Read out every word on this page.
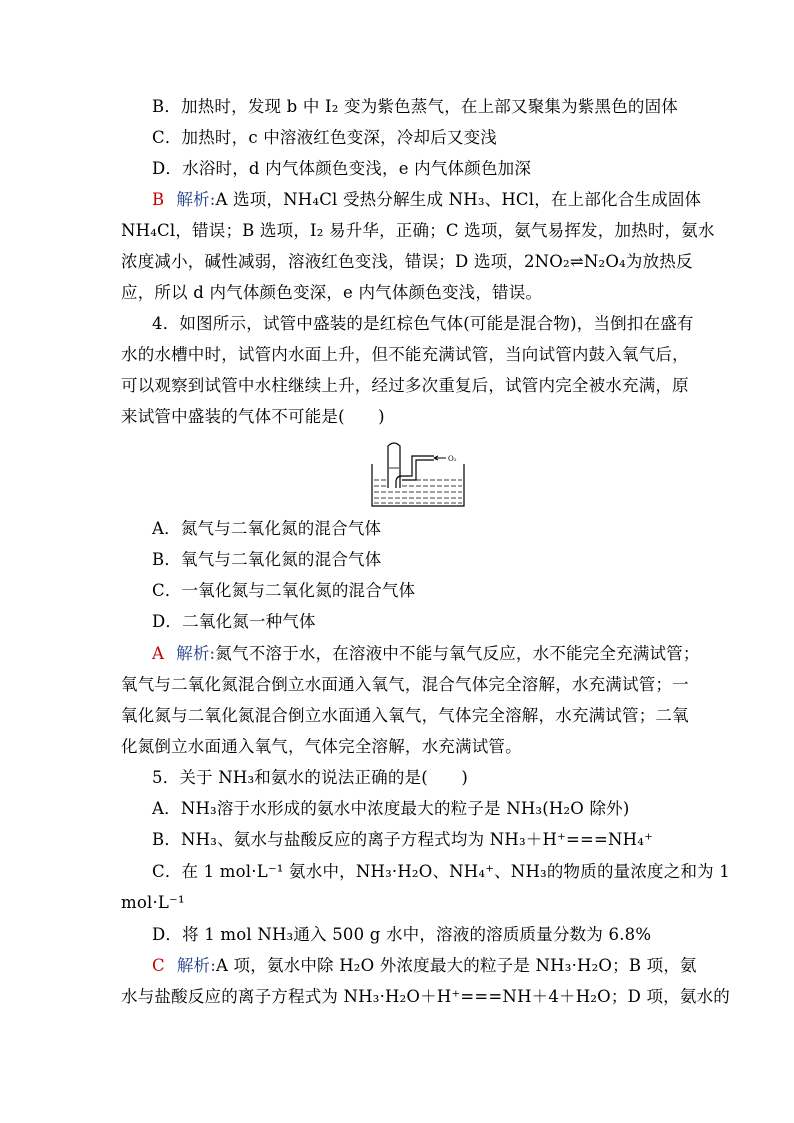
B．加热时，发现 b 中 I₂ 变为紫色蒸气，在上部又聚集为紫黑色的固体
C．加热时，c 中溶液红色变深，冷却后又变浅
D．水浴时，d 内气体颜色变浅，e 内气体颜色加深
B 解析:A 选项，NH₄Cl 受热分解生成 NH₃、HCl，在上部化合生成固体
NH₄Cl，错误；B 选项，I₂ 易升华，正确；C 选项，氨气易挥发，加热时，氨水
浓度减小，碱性减弱，溶液红色变浅，错误；D 选项，2NO₂⇌N₂O₄为放热反
应，所以 d 内气体颜色变深，e 内气体颜色变浅，错误。
4．如图所示，试管中盛装的是红棕色气体(可能是混合物)，当倒扣在盛有
水的水槽中时，试管内水面上升，但不能充满试管，当向试管内鼓入氧气后，
可以观察到试管中水柱继续上升，经过多次重复后，试管内完全被水充满，原
来试管中盛装的气体不可能是(　　)
O₂
A．氮气与二氧化氮的混合气体
B．氧气与二氧化氮的混合气体
C．一氧化氮与二氧化氮的混合气体
D．二氧化氮一种气体
A 解析:氮气不溶于水，在溶液中不能与氧气反应，水不能完全充满试管；
氧气与二氧化氮混合倒立水面通入氧气，混合气体完全溶解，水充满试管；一
氧化氮与二氧化氮混合倒立水面通入氧气，气体完全溶解，水充满试管；二氧
化氮倒立水面通入氧气，气体完全溶解，水充满试管。
5．关于 NH₃和氨水的说法正确的是(　　)
A．NH₃溶于水形成的氨水中浓度最大的粒子是 NH₃(H₂O 除外)
B．NH₃、氨水与盐酸反应的离子方程式均为 NH₃＋H⁺===NH₄⁺
C．在 1 mol·L⁻¹ 氨水中，NH₃·H₂O、NH₄⁺、NH₃的物质的量浓度之和为 1
mol·L⁻¹
D．将 1 mol NH₃通入 500 g 水中，溶液的溶质质量分数为 6.8%
C 解析:A 项，氨水中除 H₂O 外浓度最大的粒子是 NH₃·H₂O；B 项，氨
水与盐酸反应的离子方程式为 NH₃·H₂O＋H⁺===NH＋4＋H₂O；D 项，氨水的
